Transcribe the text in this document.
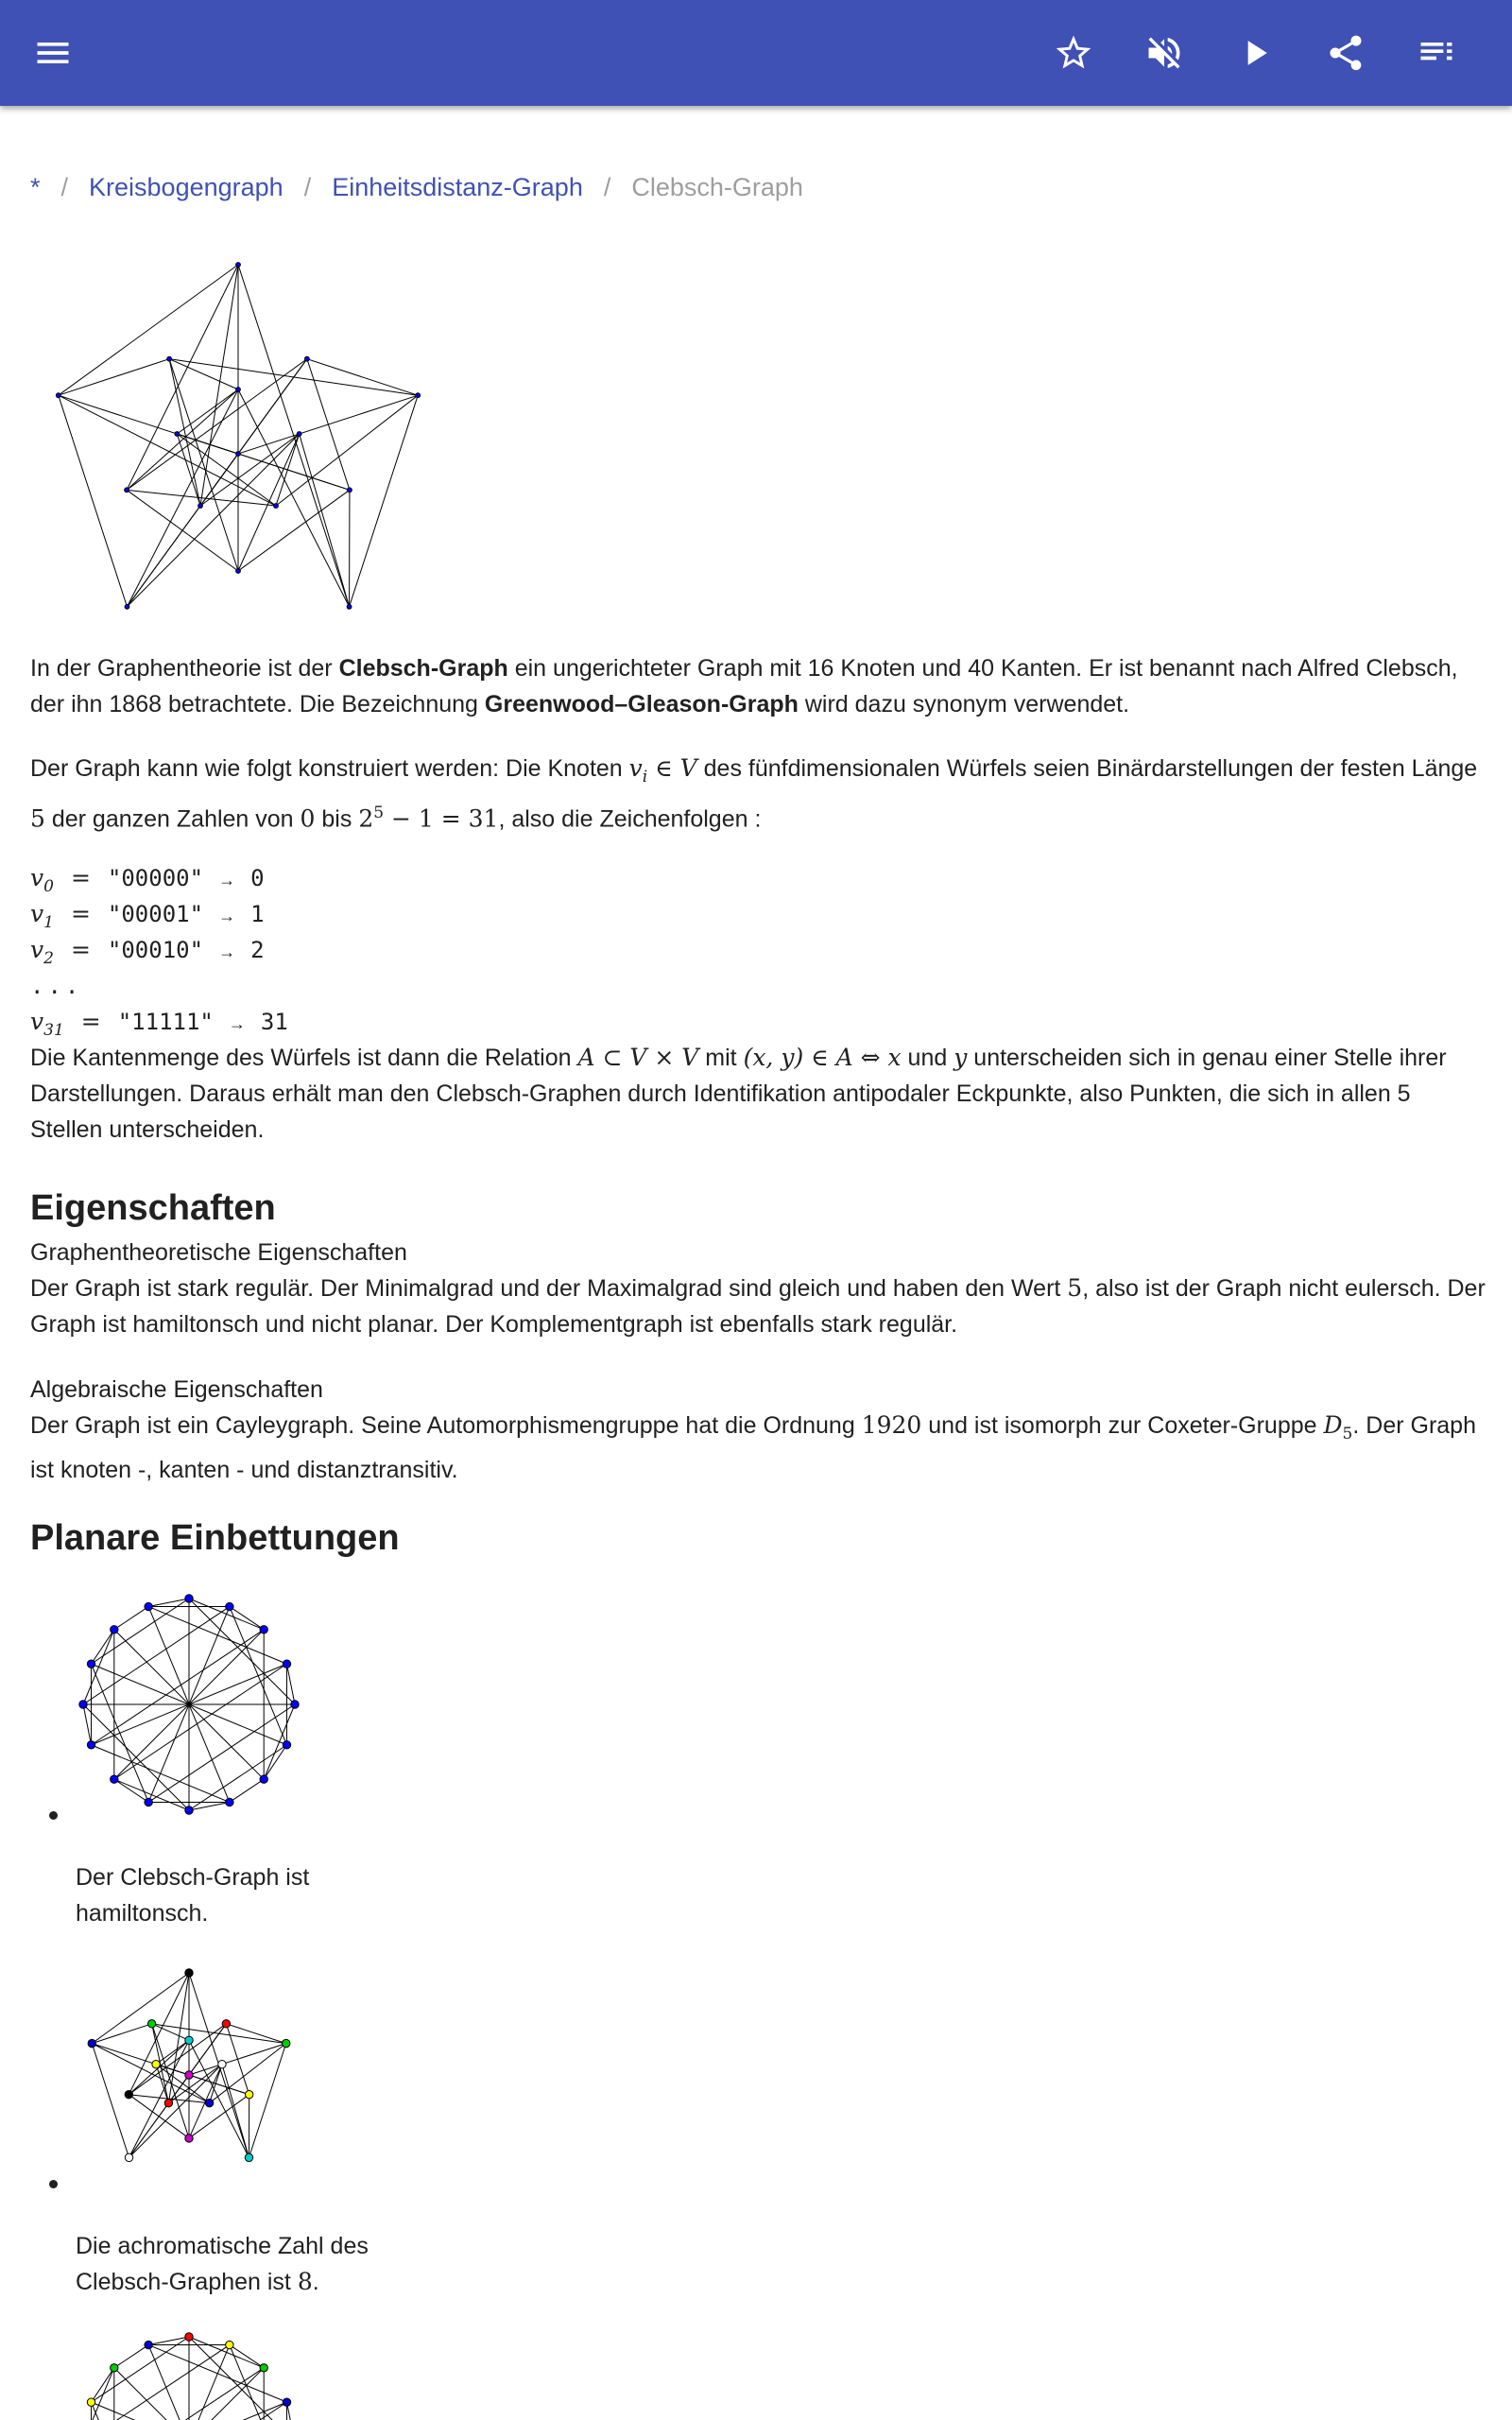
* / Kreisbogengraph / Einheitsdistanz-Graph / Clebsch-Graph

In der Graphentheorie ist der Clebsch-Graph ein ungerichteter Graph mit 16 Knoten und 40 Kanten. Er ist benannt nach Alfred Clebsch, der ihn 1868 betrachtete. Die Bezeichnung Greenwood–Gleason-Graph wird dazu synonym verwendet.

Der Graph kann wie folgt konstruiert werden: Die Knoten $v_i$ ∈ V des fünfdimensionalen Würfels seien Binärdarstellungen der festen Länge 5 der ganzen Zahlen von 0 bis $2^5 - 1 = 31$, also die Zeichenfolgen :

$v_0$ = "00000" → 0
$v_1$ = "00001" → 1
$v_2$ = "00010" → 2
...
$v_{31}$ = "11111" → 31

Die Kantenmenge des Würfels ist dann die Relation A ⊂ V × V mit (x, y) ∈ A ⇔ x und y unterscheiden sich in genau einer Stelle ihrer Darstellungen. Daraus erhält man den Clebsch-Graphen durch Identifikation antipodaler Eckpunkte, also Punkten, die sich in allen 5 Stellen unterscheiden.

Eigenschaften

Graphentheoretische Eigenschaften

Der Graph ist stark regulär. Der Minimalgrad und der Maximalgrad sind gleich und haben den Wert 5, also ist der Graph nicht eulersch. Der Graph ist hamiltonsch und nicht planar. Der Komplementgraph ist ebenfalls stark regulär.

Algebraische Eigenschaften

Der Graph ist ein Cayleygraph. Seine Automorphismengruppe hat die Ordnung 1920 und ist isomorph zur Coxeter-Gruppe $D_5$. Der Graph ist knoten -, kanten - und distanztransitiv.

Planare Einbettungen

Der Clebsch-Graph ist hamiltonsch.

Die achromatische Zahl des Clebsch-Graphen ist 8.
